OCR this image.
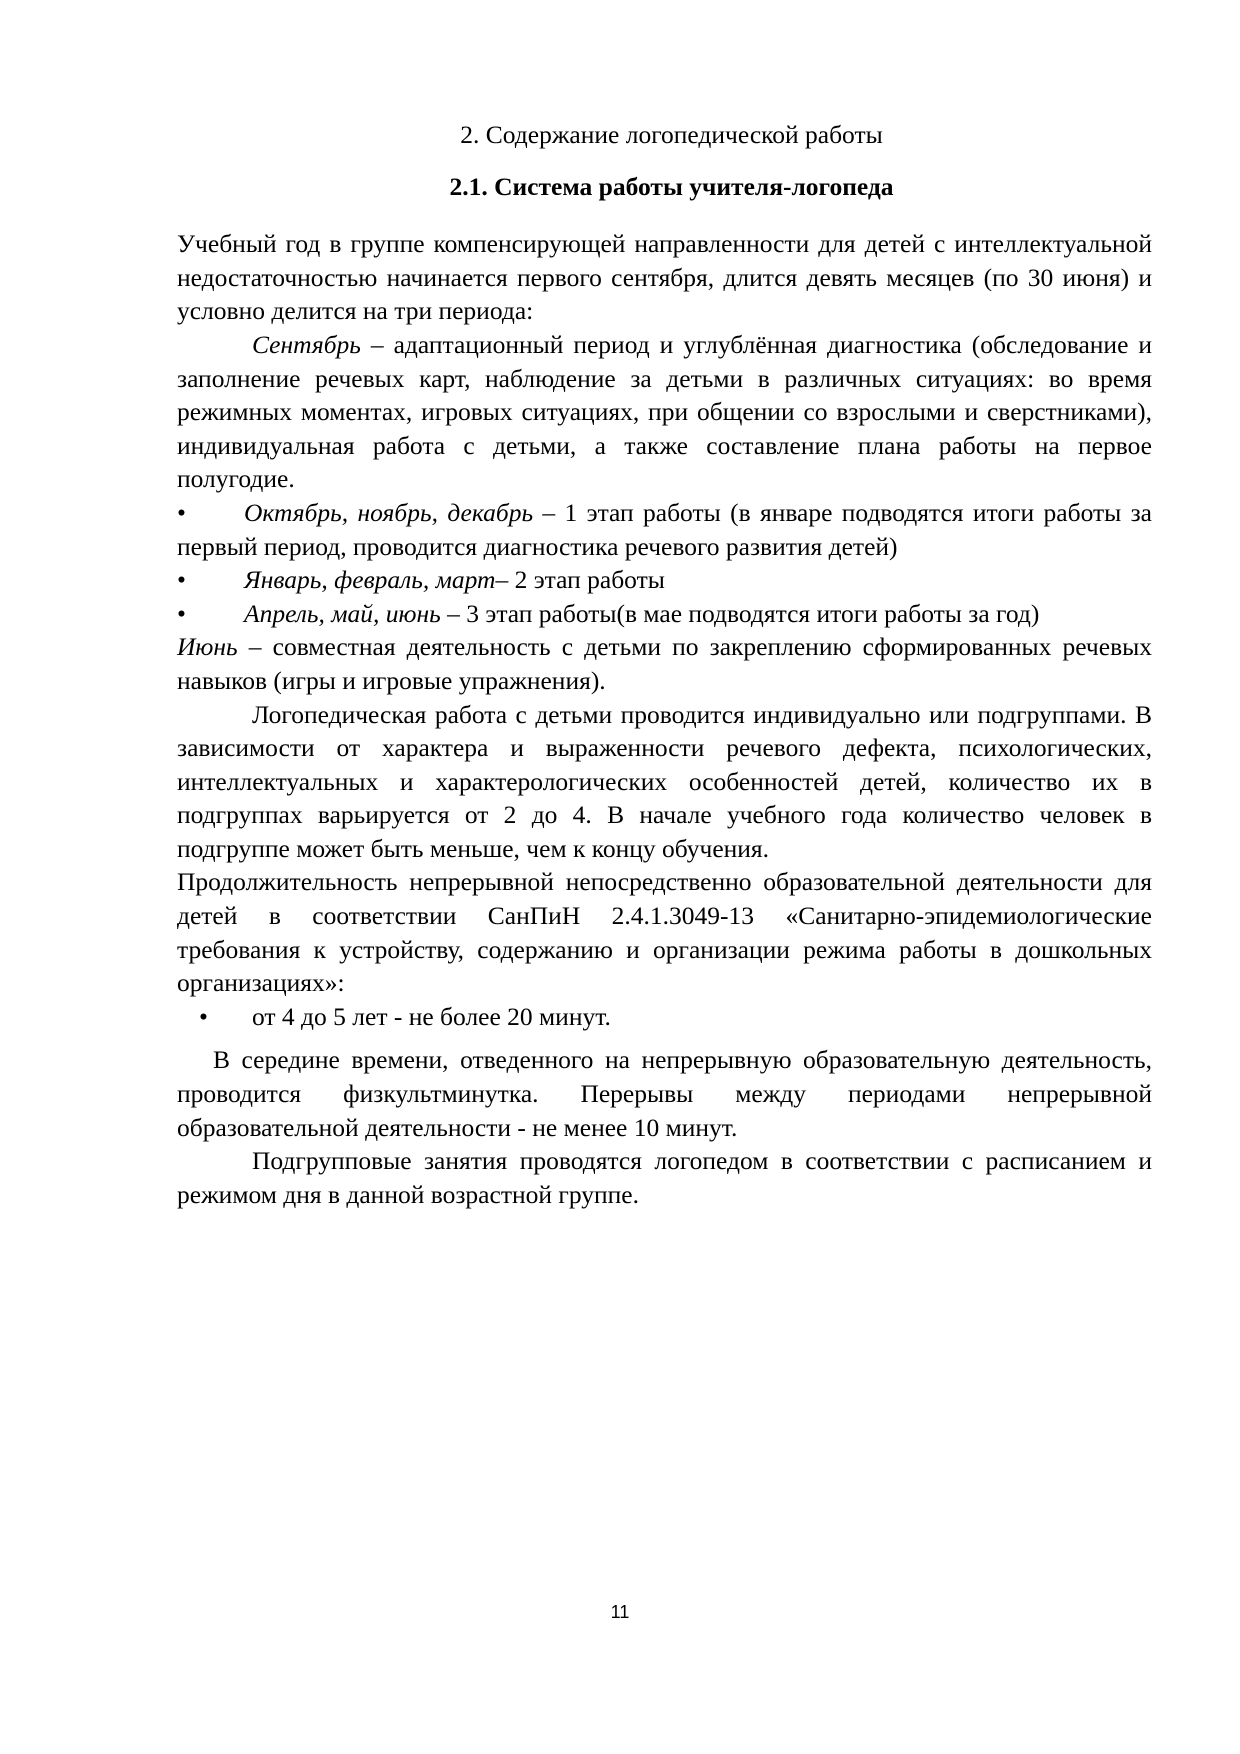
2. Содержание логопедической работы
2.1. Система работы учителя-логопеда

Учебный год в группе компенсирующей направленности для детей с интеллектуальной недостаточностью начинается первого сентября, длится девять месяцев (по 30 июня) и условно делится на три периода:

Сентябрь – адаптационный период и углублённая диагностика (обследование и заполнение речевых карт, наблюдение за детьми в различных ситуациях: во время режимных моментах, игровых ситуациях, при общении со взрослыми и сверстниками), индивидуальная работа с детьми, а также составление плана работы на первое полугодие.

• Октябрь, ноябрь, декабрь – 1 этап работы (в январе подводятся итоги работы за первый период, проводится диагностика речевого развития детей)

• Январь, февраль, март– 2 этап работы

• Апрель, май, июнь – 3 этап работы(в мае подводятся итоги работы за год)

Июнь – совместная деятельность с детьми по закреплению сформированных речевых навыков (игры и игровые упражнения).

Логопедическая работа с детьми проводится индивидуально или подгруппами. В зависимости от характера и выраженности речевого дефекта, психологических, интеллектуальных и характерологических особенностей детей, количество их в подгруппах варьируется от 2 до 4. В начале учебного года количество человек в подгруппе может быть меньше, чем к концу обучения.

Продолжительность непрерывной непосредственно образовательной деятельности для детей в соответствии СанПиН 2.4.1.3049-13 «Санитарно-эпидемиологические требования к устройству, содержанию и организации режима работы в дошкольных организациях»:

•	от 4 до 5 лет - не более 20 минут.

В середине времени, отведенного на непрерывную образовательную деятельность, проводится физкультминутка. Перерывы между периодами непрерывной образовательной деятельности - не менее 10 минут.

Подгрупповые занятия проводятся логопедом в соответствии с расписанием и режимом дня в данной возрастной группе.

11
